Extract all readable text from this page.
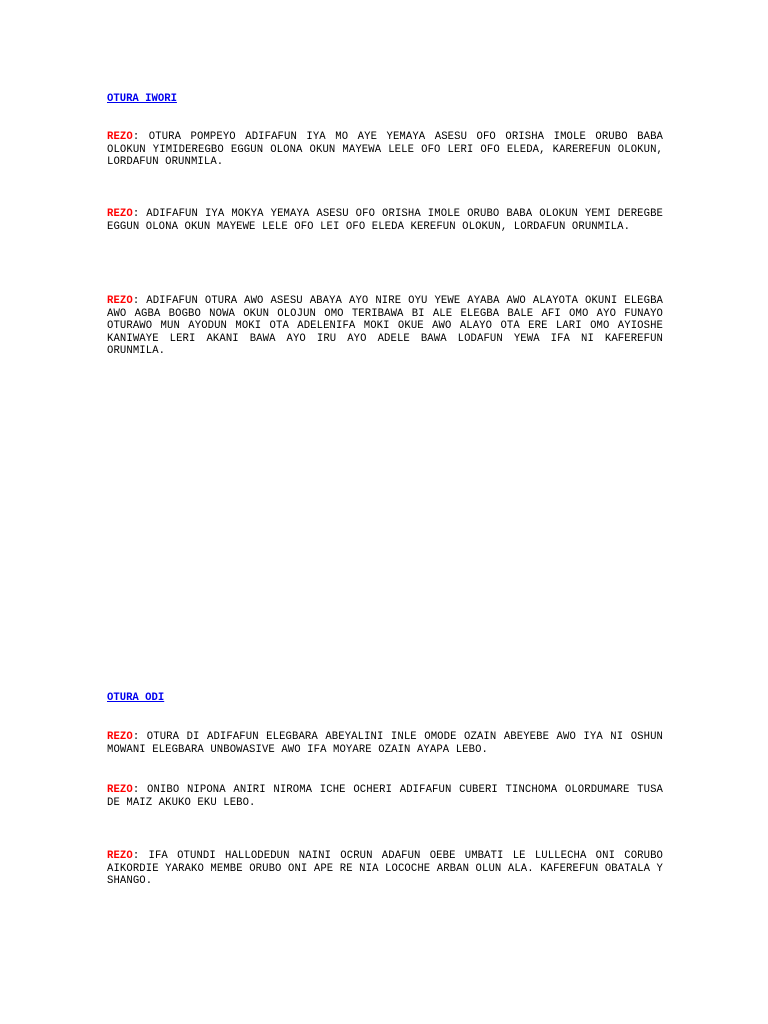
OTURA IWORI

REZO: OTURA POMPEYO ADIFAFUN IYA MO AYE YEMAYA ASESU OFO ORISHA IMOLE ORUBO BABA OLOKUN YIMIDEREGBO EGGUN OLONA OKUN MAYEWA LELE OFO LERI OFO ELEDA, KAREREFUN OLOKUN, LORDAFUN ORUNMILA.

REZO: ADIFAFUN IYA MOKYA YEMAYA ASESU OFO ORISHA IMOLE ORUBO BABA OLOKUN YEMI DEREGBE EGGUN OLONA OKUN MAYEWE LELE OFO LEI OFO ELEDA KEREFUN OLOKUN, LORDAFUN ORUNMILA.

REZO: ADIFAFUN OTURA AWO ASESU ABAYA AYO NIRE OYU YEWE AYABA AWO ALAYOTA OKUNI ELEGBA AWO AGBA BOGBO NOWA OKUN OLOJUN OMO TERIBAWA BI ALE ELEGBA BALE AFI OMO AYO FUNAYO OTURAWO MUN AYODUN MOKI OTA ADELENIFA MOKI OKUE AWO ALAYO OTA ERE LARI OMO AYIOSHE KANIWAYE LERI AKANI BAWA AYO IRU AYO ADELE BAWA LODAFUN YEWA IFA NI KAFEREFUN ORUNMILA.

OTURA ODI

REZO: OTURA DI ADIFAFUN ELEGBARA ABEYALINI INLE OMODE OZAIN ABEYEBE AWO IYA NI OSHUN MOWANI ELEGBARA UNBOWASIVE AWO IFA MOYARE OZAIN AYAPA LEBO.

REZO: ONIBO NIPONA ANIRI NIROMA ICHE OCHERI ADIFAFUN CUBERI TINCHOMA OLORDUMARE TUSA DE MAIZ AKUKO EKU LEBO.

REZO: IFA OTUNDI HALLODEDUN NAINI OCRUN ADAFUN OEBE UMBATI LE LULLECHA ONI CORUBO AIKORDIE YARAKO MEMBE ORUBO ONI APE RE NIA LOCOCHE ARBAN OLUN ALA. KAFEREFUN OBATALA Y SHANGO.
